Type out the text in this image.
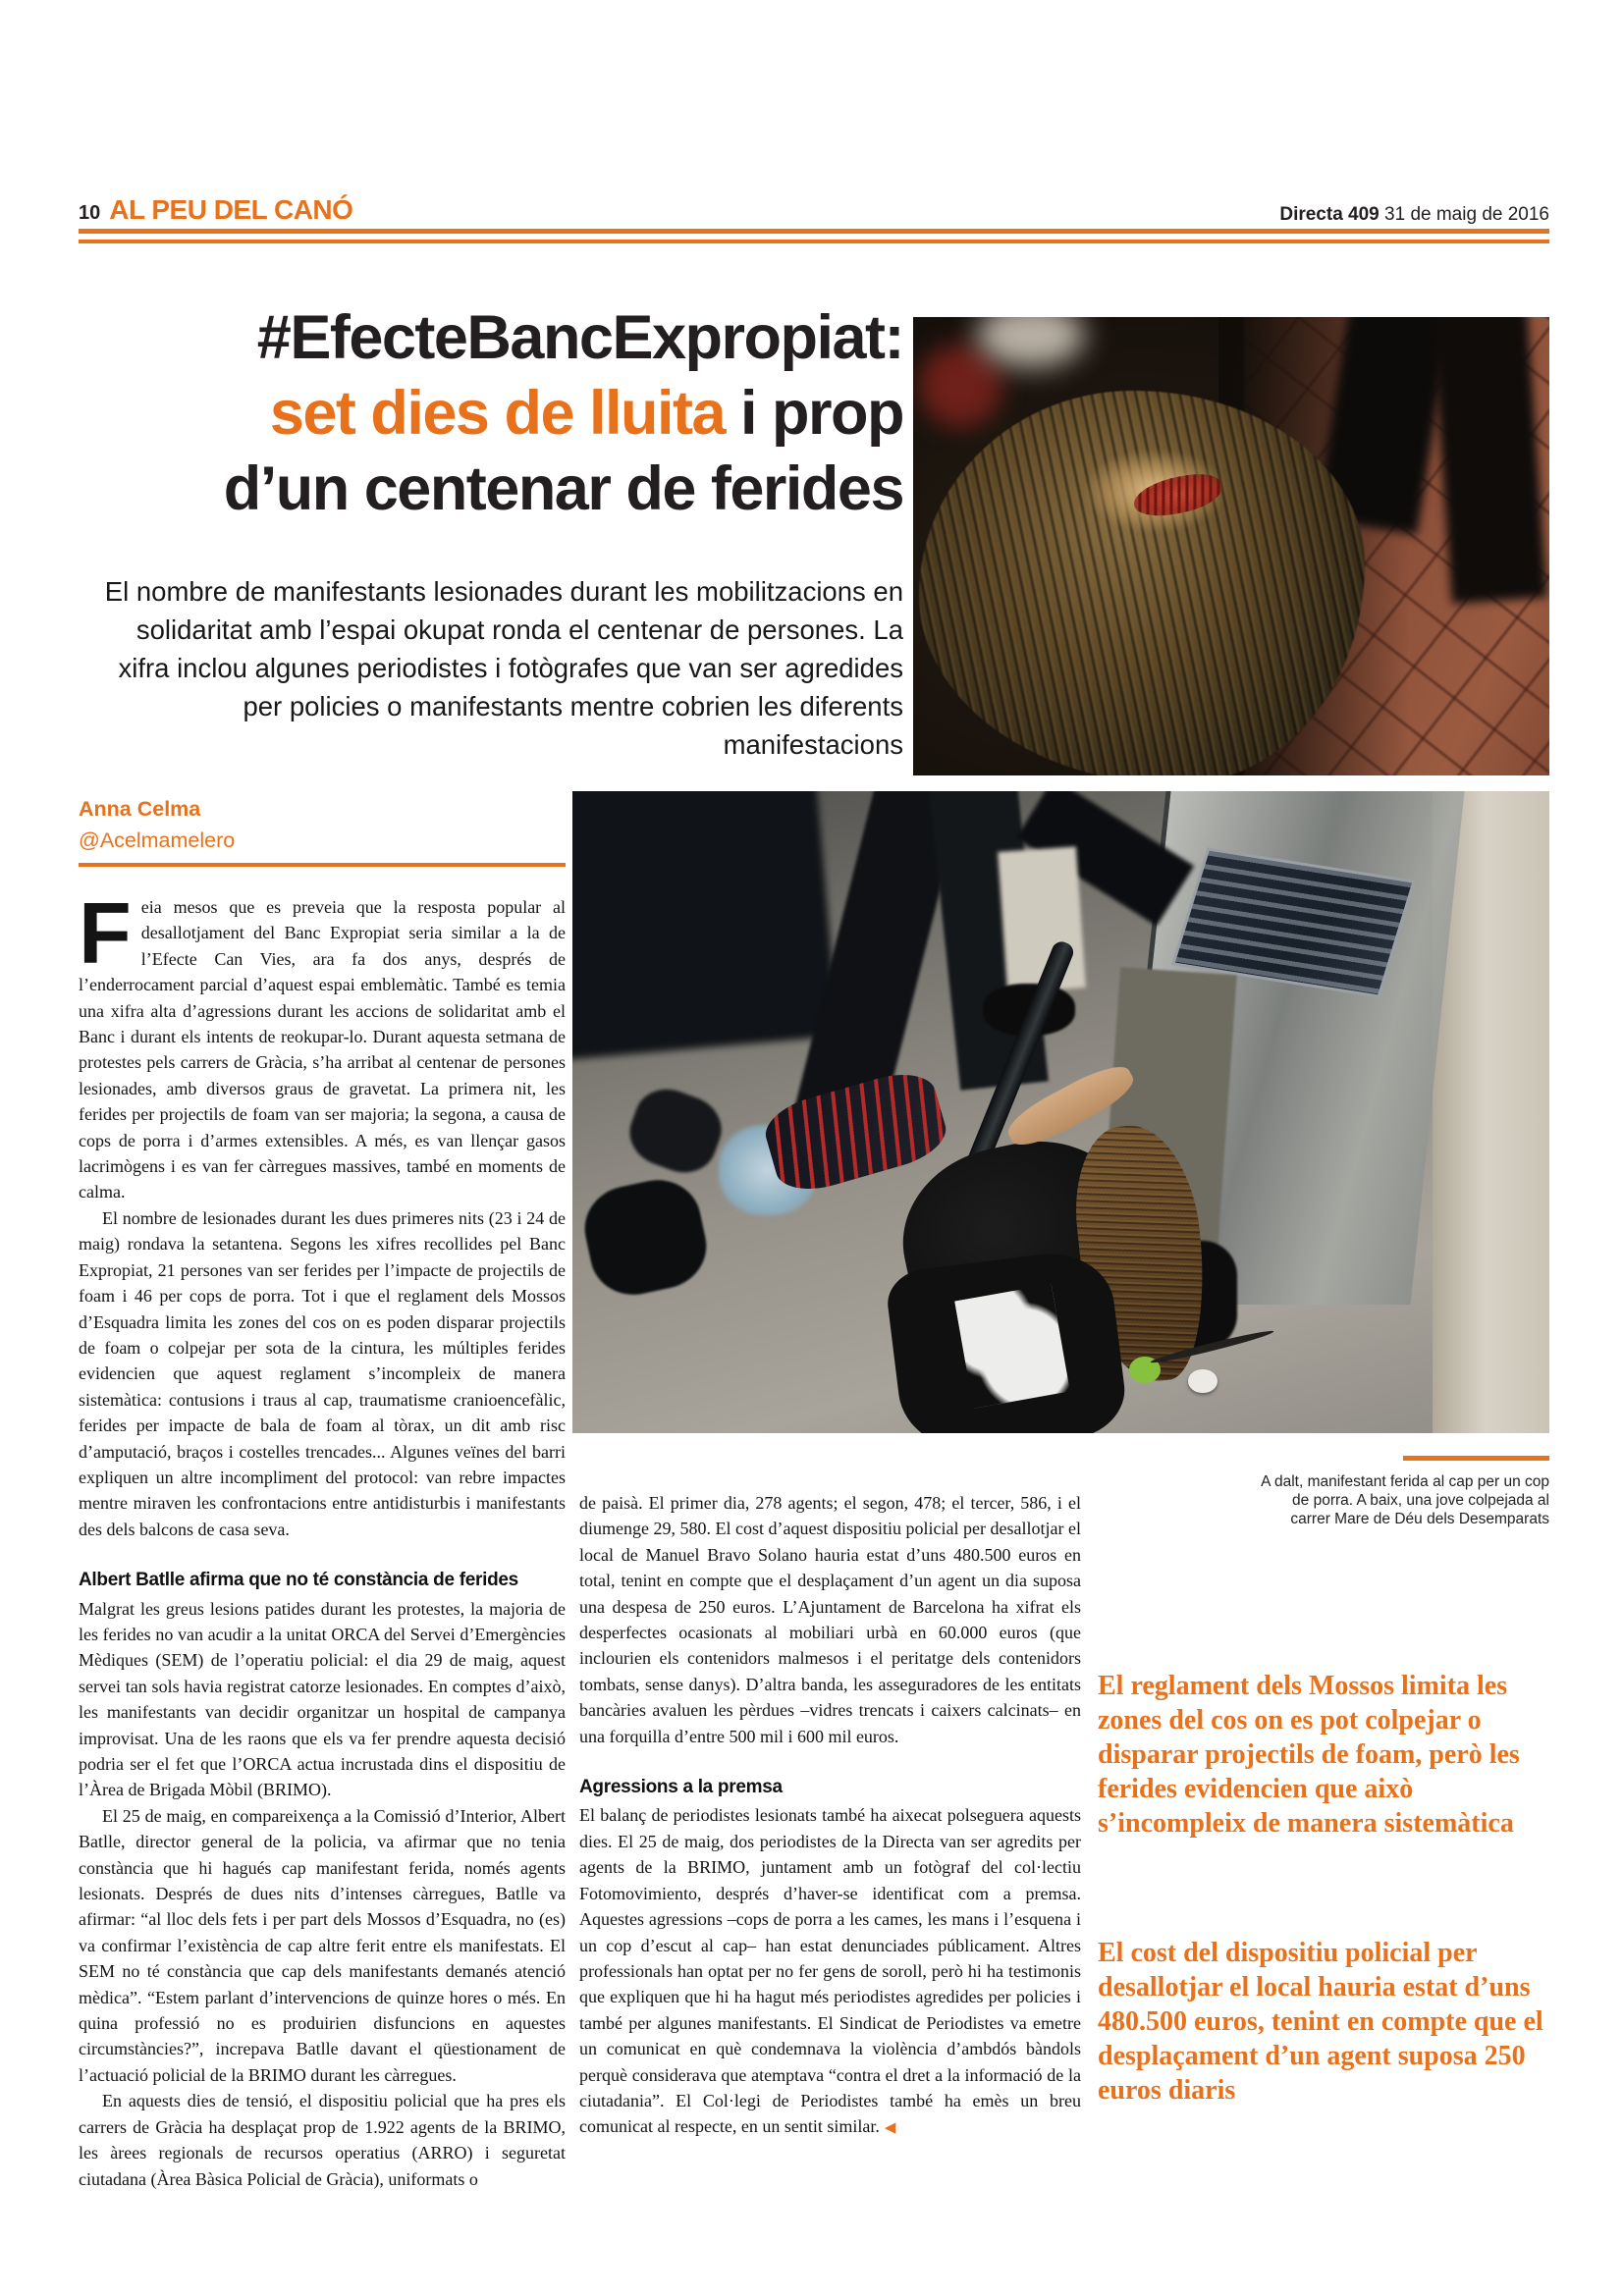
10 AL PEU DEL CANÓ	Directa 409 31 de maig de 2016
#EfecteBancExpropiat:
set dies de lluita i prop
d’un centenar de ferides

El nombre de manifestants lesionades durant les mobilitzacions en solidaritat amb l’espai okupat ronda el centenar de persones. La xifra inclou algunes periodistes i fotògrafes que van ser agredides per policies o manifestants mentre cobrien les diferents manifestacions

Anna Celma
@Acelmamelero

Feia mesos que es preveia que la resposta popular al desallotjament del Banc Expropiat seria similar a la de l’Efecte Can Vies, ara fa dos anys, després de l’enderrocament parcial d’aquest espai emblemàtic. També es temia una xifra alta d’agressions durant les accions de solidaritat amb el Banc i durant els intents de reokupar-lo. Durant aquesta setmana de protestes pels carrers de Gràcia, s’ha arribat al centenar de persones lesionades, amb diversos graus de gravetat. La primera nit, les ferides per projectils de foam van ser majoria; la segona, a causa de cops de porra i d’armes extensibles. A més, es van llençar gasos lacrimògens i es van fer càrregues massives, també en moments de calma.

El nombre de lesionades durant les dues primeres nits (23 i 24 de maig) rondava la setantena. Segons les xifres recollides pel Banc Expropiat, 21 persones van ser ferides per l’impacte de projectils de foam i 46 per cops de porra. Tot i que el reglament dels Mossos d’Esquadra limita les zones del cos on es poden disparar projectils de foam o colpejar per sota de la cintura, les múltiples ferides evidencien que aquest reglament s’incompleix de manera sistemàtica: contusions i traus al cap, traumatisme cranioencefàlic, ferides per impacte de bala de foam al tòrax, un dit amb risc d’amputació, braços i costelles trencades... Algunes veïnes del barri expliquen un altre incompliment del protocol: van rebre impactes mentre miraven les confrontacions entre antidisturbis i manifestants des dels balcons de casa seva.

Albert Batlle afirma que no té constància de ferides

Malgrat les greus lesions patides durant les protestes, la majoria de les ferides no van acudir a la unitat ORCA del Servei d’Emergències Mèdiques (SEM) de l’operatiu policial: el dia 29 de maig, aquest servei tan sols havia registrat catorze lesionades. En comptes d’això, les manifestants van decidir organitzar un hospital de campanya improvisat. Una de les raons que els va fer prendre aquesta decisió podria ser el fet que l’ORCA actua incrustada dins el dispositiu de l’Àrea de Brigada Mòbil (BRIMO).

El 25 de maig, en compareixença a la Comissió d’Interior, Albert Batlle, director general de la policia, va afirmar que no tenia constància que hi hagués cap manifestant ferida, només agents lesionats. Després de dues nits d’intenses càrregues, Batlle va afirmar: “al lloc dels fets i per part dels Mossos d’Esquadra, no (es) va confirmar l’existència de cap altre ferit entre els manifestats. El SEM no té constància que cap dels manifestants demanés atenció mèdica”. “Estem parlant d’intervencions de quinze hores o més. En quina professió no es produirien disfuncions en aquestes circumstàncies?”, increpava Batlle davant el qüestionament de l’actuació policial de la BRIMO durant les càrregues.

En aquests dies de tensió, el dispositiu policial que ha pres els carrers de Gràcia ha desplaçat prop de 1.922 agents de la BRIMO, les àrees regionals de recursos operatius (ARRO) i seguretat ciutadana (Àrea Bàsica Policial de Gràcia), uniformats o

de paisà. El primer dia, 278 agents; el segon, 478; el tercer, 586, i el diumenge 29, 580. El cost d’aquest dispositiu policial per desallotjar el local de Manuel Bravo Solano hauria estat d’uns 480.500 euros en total, tenint en compte que el desplaçament d’un agent un dia suposa una despesa de 250 euros. L’Ajuntament de Barcelona ha xifrat els desperfectes ocasionats al mobiliari urbà en 60.000 euros (que inclourien els contenidors malmesos i el peritatge dels contenidors tombats, sense danys). D’altra banda, les asseguradores de les entitats bancàries avaluen les pèrdues –vidres trencats i caixers calcinats– en una forquilla d’entre 500 mil i 600 mil euros.

Agressions a la premsa

El balanç de periodistes lesionats també ha aixecat polseguera aquests dies. El 25 de maig, dos periodistes de la Directa van ser agredits per agents de la BRIMO, juntament amb un fotògraf del col·lectiu Fotomovimiento, després d’haver-se identificat com a premsa. Aquestes agressions –cops de porra a les cames, les mans i l’esquena i un cop d’escut al cap– han estat denunciades públicament. Altres professionals han optat per no fer gens de soroll, però hi ha testimonis que expliquen que hi ha hagut més periodistes agredides per policies i també per algunes manifestants. El Sindicat de Periodistes va emetre un comunicat en què condemnava la violència d’ambdós bàndols perquè considerava que atemptava “contra el dret a la informació de la ciutadania”. El Col·legi de Periodistes també ha emès un breu comunicat al respecte, en un sentit similar. ◀

A dalt, manifestant ferida al cap per un cop de porra. A baix, una jove colpejada al carrer Mare de Déu dels Desemparats

El reglament dels Mossos limita les zones del cos on es pot colpejar o disparar projectils de foam, però les ferides evidencien que això s’incompleix de manera sistemàtica
El cost del dispositiu policial per desallotjar el local hauria estat d’uns 480.500 euros, tenint en compte que el desplaçament d’un agent suposa 250 euros diaris
